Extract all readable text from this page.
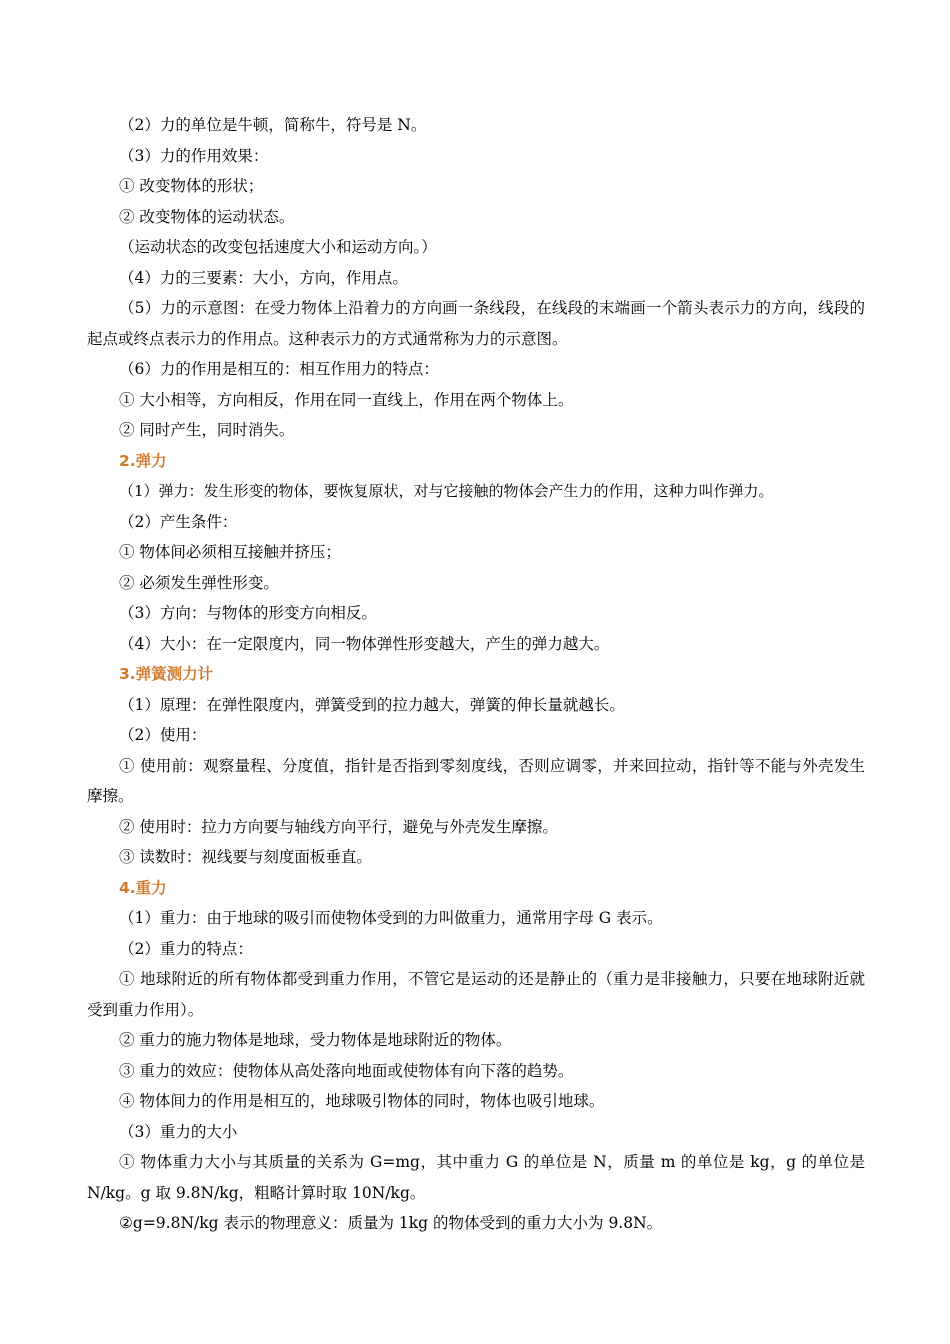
（2）力的单位是牛顿，简称牛，符号是 N。
（3）力的作用效果：
① 改变物体的形状；
② 改变物体的运动状态。
（运动状态的改变包括速度大小和运动方向。）
（4）力的三要素：大小，方向，作用点。
（5）力的示意图：在受力物体上沿着力的方向画一条线段，在线段的末端画一个箭头表示力的方向，线段的起点或终点表示力的作用点。这种表示力的方式通常称为力的示意图。
（6）力的作用是相互的：相互作用力的特点：
① 大小相等，方向相反，作用在同一直线上，作用在两个物体上。
② 同时产生，同时消失。
2.弹力
（1）弹力：发生形变的物体，要恢复原状，对与它接触的物体会产生力的作用，这种力叫作弹力。
（2）产生条件：
① 物体间必须相互接触并挤压；
② 必须发生弹性形变。
（3）方向：与物体的形变方向相反。
（4）大小：在一定限度内，同一物体弹性形变越大，产生的弹力越大。
3.弹簧测力计
（1）原理：在弹性限度内，弹簧受到的拉力越大，弹簧的伸长量就越长。
（2）使用：
① 使用前：观察量程、分度值，指针是否指到零刻度线，否则应调零，并来回拉动，指针等不能与外壳发生摩擦。
② 使用时：拉力方向要与轴线方向平行，避免与外壳发生摩擦。
③ 读数时：视线要与刻度面板垂直。
4.重力
（1）重力：由于地球的吸引而使物体受到的力叫做重力，通常用字母 G 表示。
（2）重力的特点：
① 地球附近的所有物体都受到重力作用，不管它是运动的还是静止的（重力是非接触力，只要在地球附近就受到重力作用）。
② 重力的施力物体是地球，受力物体是地球附近的物体。
③ 重力的效应：使物体从高处落向地面或使物体有向下落的趋势。
④ 物体间力的作用是相互的，地球吸引物体的同时，物体也吸引地球。
（3）重力的大小
① 物体重力大小与其质量的关系为 G=mg，其中重力 G 的单位是 N，质量 m 的单位是 kg，g 的单位是 N/kg。g 取 9.8N/kg，粗略计算时取 10N/kg。
②g=9.8N/kg 表示的物理意义：质量为 1kg 的物体受到的重力大小为 9.8N。
